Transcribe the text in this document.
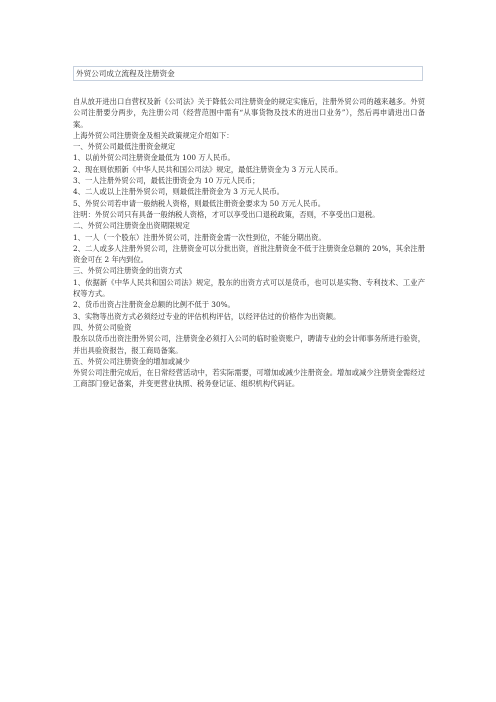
外贸公司成立流程及注册资金

自从放开进出口自营权及新《公司法》关于降低公司注册资金的规定实施后，注册外贸公司的越来越多。外贸公司注册要分两步，先注册公司（经营范围中需有“从事货物及技术的进出口业务”），然后再申请进出口备案。

上海外贸公司注册资金及相关政策规定介绍如下：

一、外贸公司最低注册资金规定

1、以前外贸公司注册资金最低为 100 万人民币。

2、现在则依照新《中华人民共和国公司法》规定，最低注册资金为 3 万元人民币。

3、一人注册外贸公司，最低注册资金为 10 万元人民币；

4、二人或以上注册外贸公司，则最低注册资金为 3 万元人民币。

5、外贸公司若申请一般纳税人资格，则最低注册资金要求为 50 万元人民币。

注明：外贸公司只有具备一般纳税人资格，才可以享受出口退税政策，否则，不享受出口退税。

二、外贸公司注册资金出资期限规定

1、一人（一个股东）注册外贸公司，注册资金需一次性到位，不能分期出资。

2、二人或多人注册外贸公司，注册资金可以分批出资，首批注册资金不低于注册资金总额的 20%，其余注册资金可在 2 年内到位。

三、外贸公司注册资金的出资方式

1、依据新《中华人民共和国公司法》规定，股东的出资方式可以是货币，也可以是实物、专利技术、工业产权等方式。

2、货币出资占注册资金总额的比例不低于 30%。

3、实物等出资方式必须经过专业的评估机构评估，以经评估过的价格作为出资额。

四、外贸公司验资

股东以货币出资注册外贸公司，注册资金必须打入公司的临时验资账户，聘请专业的会计师事务所进行验资，并出具验资报告，报工商局备案。

五、外贸公司注册资金的增加或减少

外贸公司注册完成后，在日常经营活动中，若实际需要，可增加或减少注册资金。增加或减少注册资金需经过工商部门登记备案，并变更营业执照、税务登记证、组织机构代码证。
